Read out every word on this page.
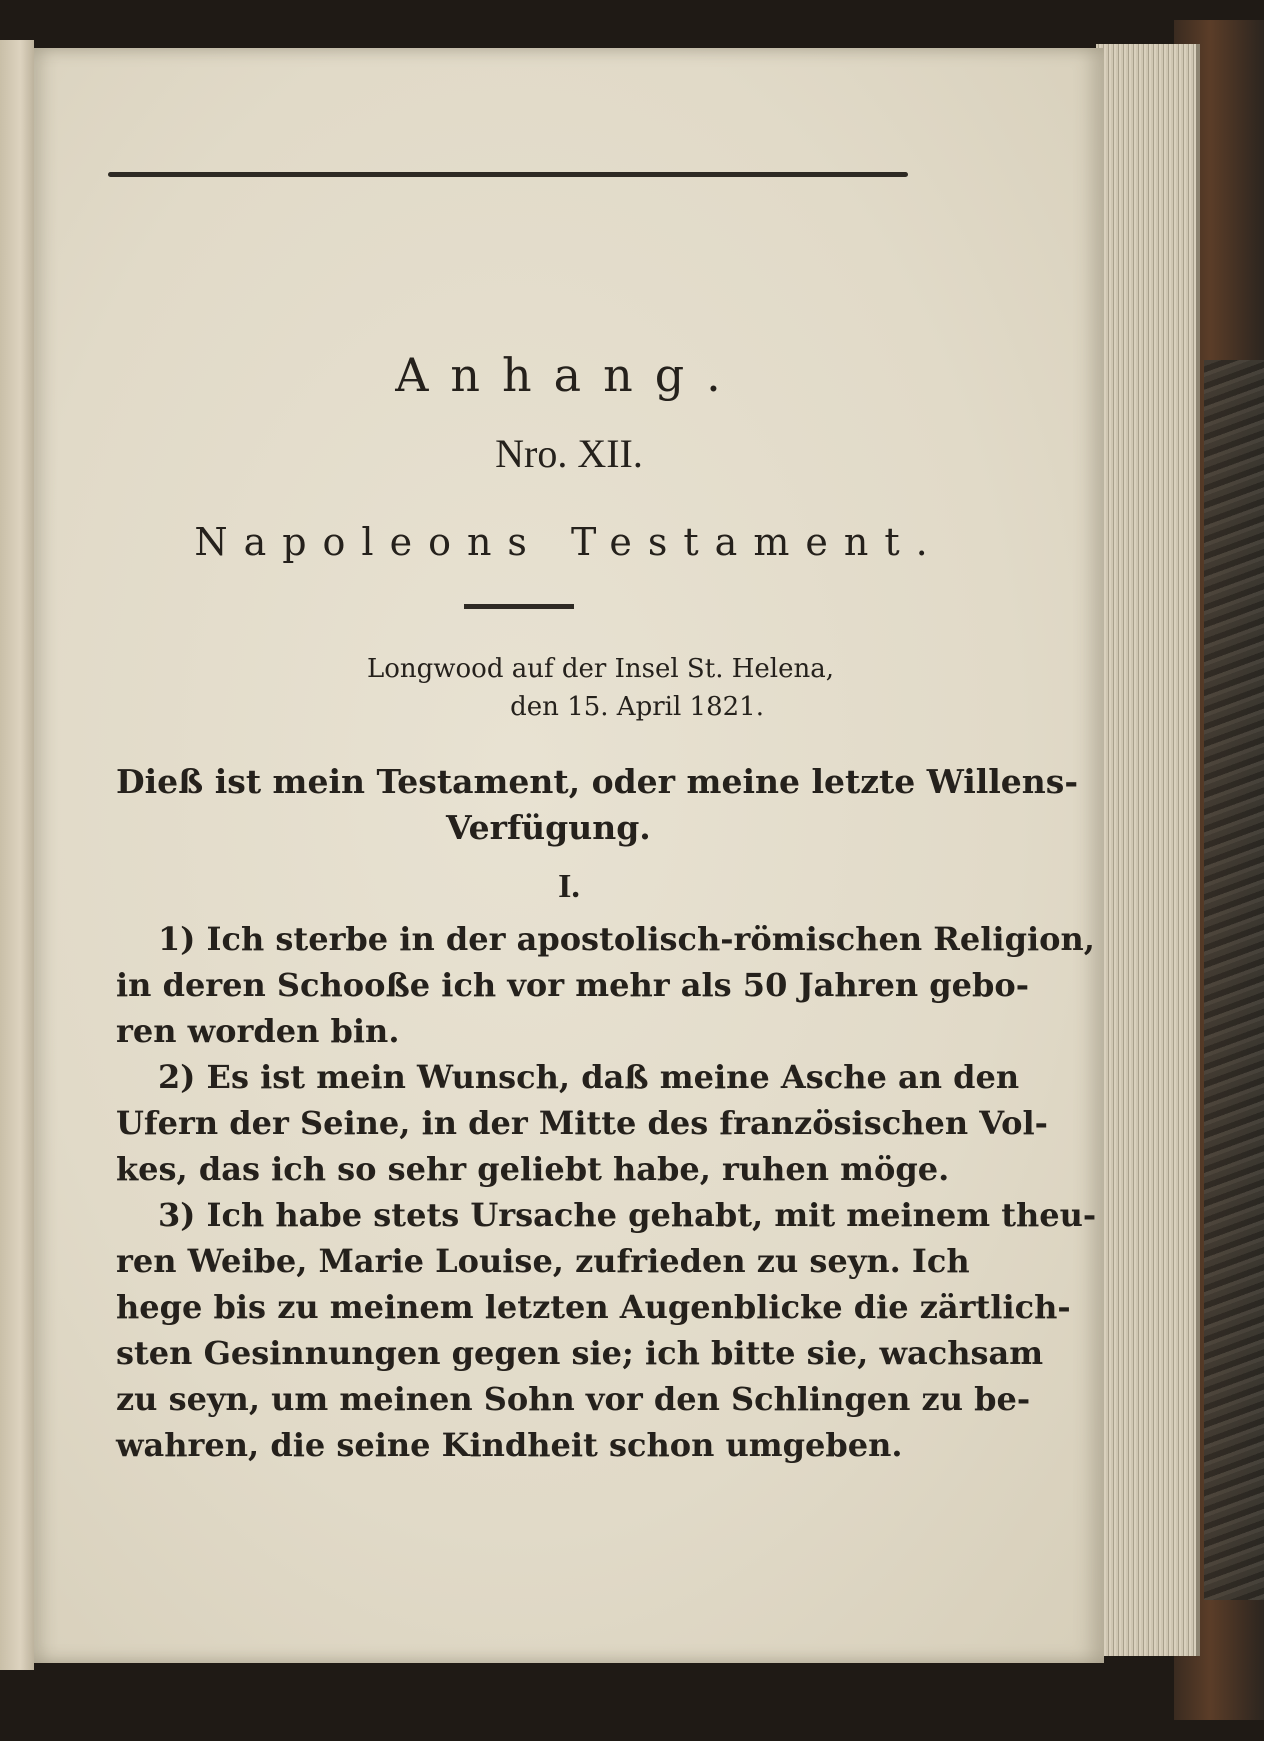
Anhang.
Nro. XII.
Napoleons Testament.
Longwood auf der Insel St. Helena,
den 15. April 1821.
Dieß ist mein Testament, oder meine letzte Willens-
Verfügung.
I.
1) Ich sterbe in der apostolisch-römischen Religion,
in deren Schooße ich vor mehr als 50 Jahren gebo-
ren worden bin.
2) Es ist mein Wunsch, daß meine Asche an den
Ufern der Seine, in der Mitte des französischen Vol-
kes, das ich so sehr geliebt habe, ruhen möge.
3) Ich habe stets Ursache gehabt, mit meinem theu-
ren Weibe, Marie Louise, zufrieden zu seyn. Ich
hege bis zu meinem letzten Augenblicke die zärtlich-
sten Gesinnungen gegen sie; ich bitte sie, wachsam
zu seyn, um meinen Sohn vor den Schlingen zu be-
wahren, die seine Kindheit schon umgeben.
